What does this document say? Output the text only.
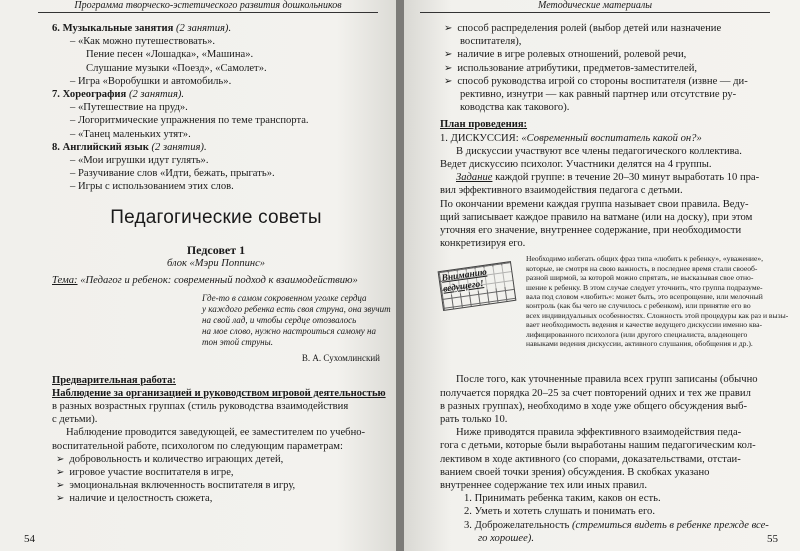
Программа творческо-эстетического развития дошкольников
6. Музыкальные занятия (2 занятия).
– «Как можно путешествовать».
Пение песен «Лошадка», «Машина».
Слушание музыки «Поезд», «Самолет».
– Игра «Воробушки и автомобиль».
7. Хореография (2 занятия).
– «Путешествие на пруд».
– Логоритмические упражнения по теме транспорта.
– «Танец маленьких утят».
8. Английский язык (2 занятия).
– «Мои игрушки идут гулять».
– Разучивание слов «Идти, бежать, прыгать».
– Игры с использованием этих слов.
Педагогические советы
Педсовет 1
блок «Мэри Поппинс»
Тема: «Педагог и ребенок: современный подход к взаимодействию»
Где-то в самом сокровенном уголке сердца
у каждого ребенка есть своя струна, она звучит
на свой лад, и чтобы сердце отозвалось
на мое слово, нужно настроиться самому на
тон этой струны.
В. А. Сухомлинский
Предварительная работа:
Наблюдение за организацией и руководством игровой деятельностью
в разных возрастных группах (стиль руководства взаимодействия
с детьми).
Наблюдение проводится заведующей, ее заместителем по учебно-
воспитательной работе, психологом по следующим параметрам:
➢ добровольность и количество играющих детей,
➢ игровое участие воспитателя в игре,
➢ эмоциональная включенность воспитателя в игру,
➢ наличие и целостность сюжета,
54
Методические материалы
➢ способ распределения ролей (выбор детей или назначение
воспитателя),
➢ наличие в игре ролевых отношений, ролевой речи,
➢ использование атрибутики, предметов-заместителей,
➢ способ руководства игрой со стороны воспитателя (извне — ди-
рективно, изнутри — как равный партнер или отсутствие ру-
ководства как такового).
План проведения:
1. ДИСКУССИЯ: «Современный воспитатель какой он?»
В дискуссии участвуют все члены педагогического коллектива.
Ведет дискуссию психолог. Участники делятся на 4 группы.
Задание каждой группе: в течение 20–30 минут выработать 10 пра-
вил эффективного взаимодействия педагога с детьми.
По окончании времени каждая группа называет свои правила. Веду-
щий записывает каждое правило на ватмане (или на доску), при этом
уточняя его значение, внутреннее содержание, при необходимости
конкретизируя его.
Вниманию ведущего!
Необходимо избегать общих фраз типа «любить к ребенку», «уважение»,
которые, не смотря на свою важность, в последнее время стали своеоб-
разной ширмой, за которой можно спрятать, не высказывая свое отно-
шение к ребенку. В этом случае следует уточнить, что группа подразуме-
вала под словом «любить»: может быть, это всепрощение, или мелочный
контроль (как бы чего не случилось с ребенком), или принятие его во
всех индивидуальных особенностях. Сложность этой процедуры как раз и вызы-
вает необходимость ведения и качестве ведущего дискуссии именно ква-
лифицированного психолога (или другого специалиста, владеющего
навыками ведения дискуссии, активного слушания, обобщения и др.).
После того, как уточненные правила всех групп записаны (обычно
получается порядка 20–25 за счет повторений одних и тех же правил
в разных группах), необходимо в ходе уже общего обсуждения выб-
рать только 10.
Ниже приводятся правила эффективного взаимодействия педа-
гога с детьми, которые были выработаны нашим педагогическим кол-
лективом в ходе активного (со спорами, доказательствами, отстаи-
ванием своей точки зрения) обсуждения. В скобках указано
внутреннее содержание тех или иных правил.
1. Принимать ребенка таким, каков он есть.
2. Уметь и хотеть слушать и понимать его.
3. Доброжелательность (стремиться видеть в ребенке прежде все-
го хорошее).	55
